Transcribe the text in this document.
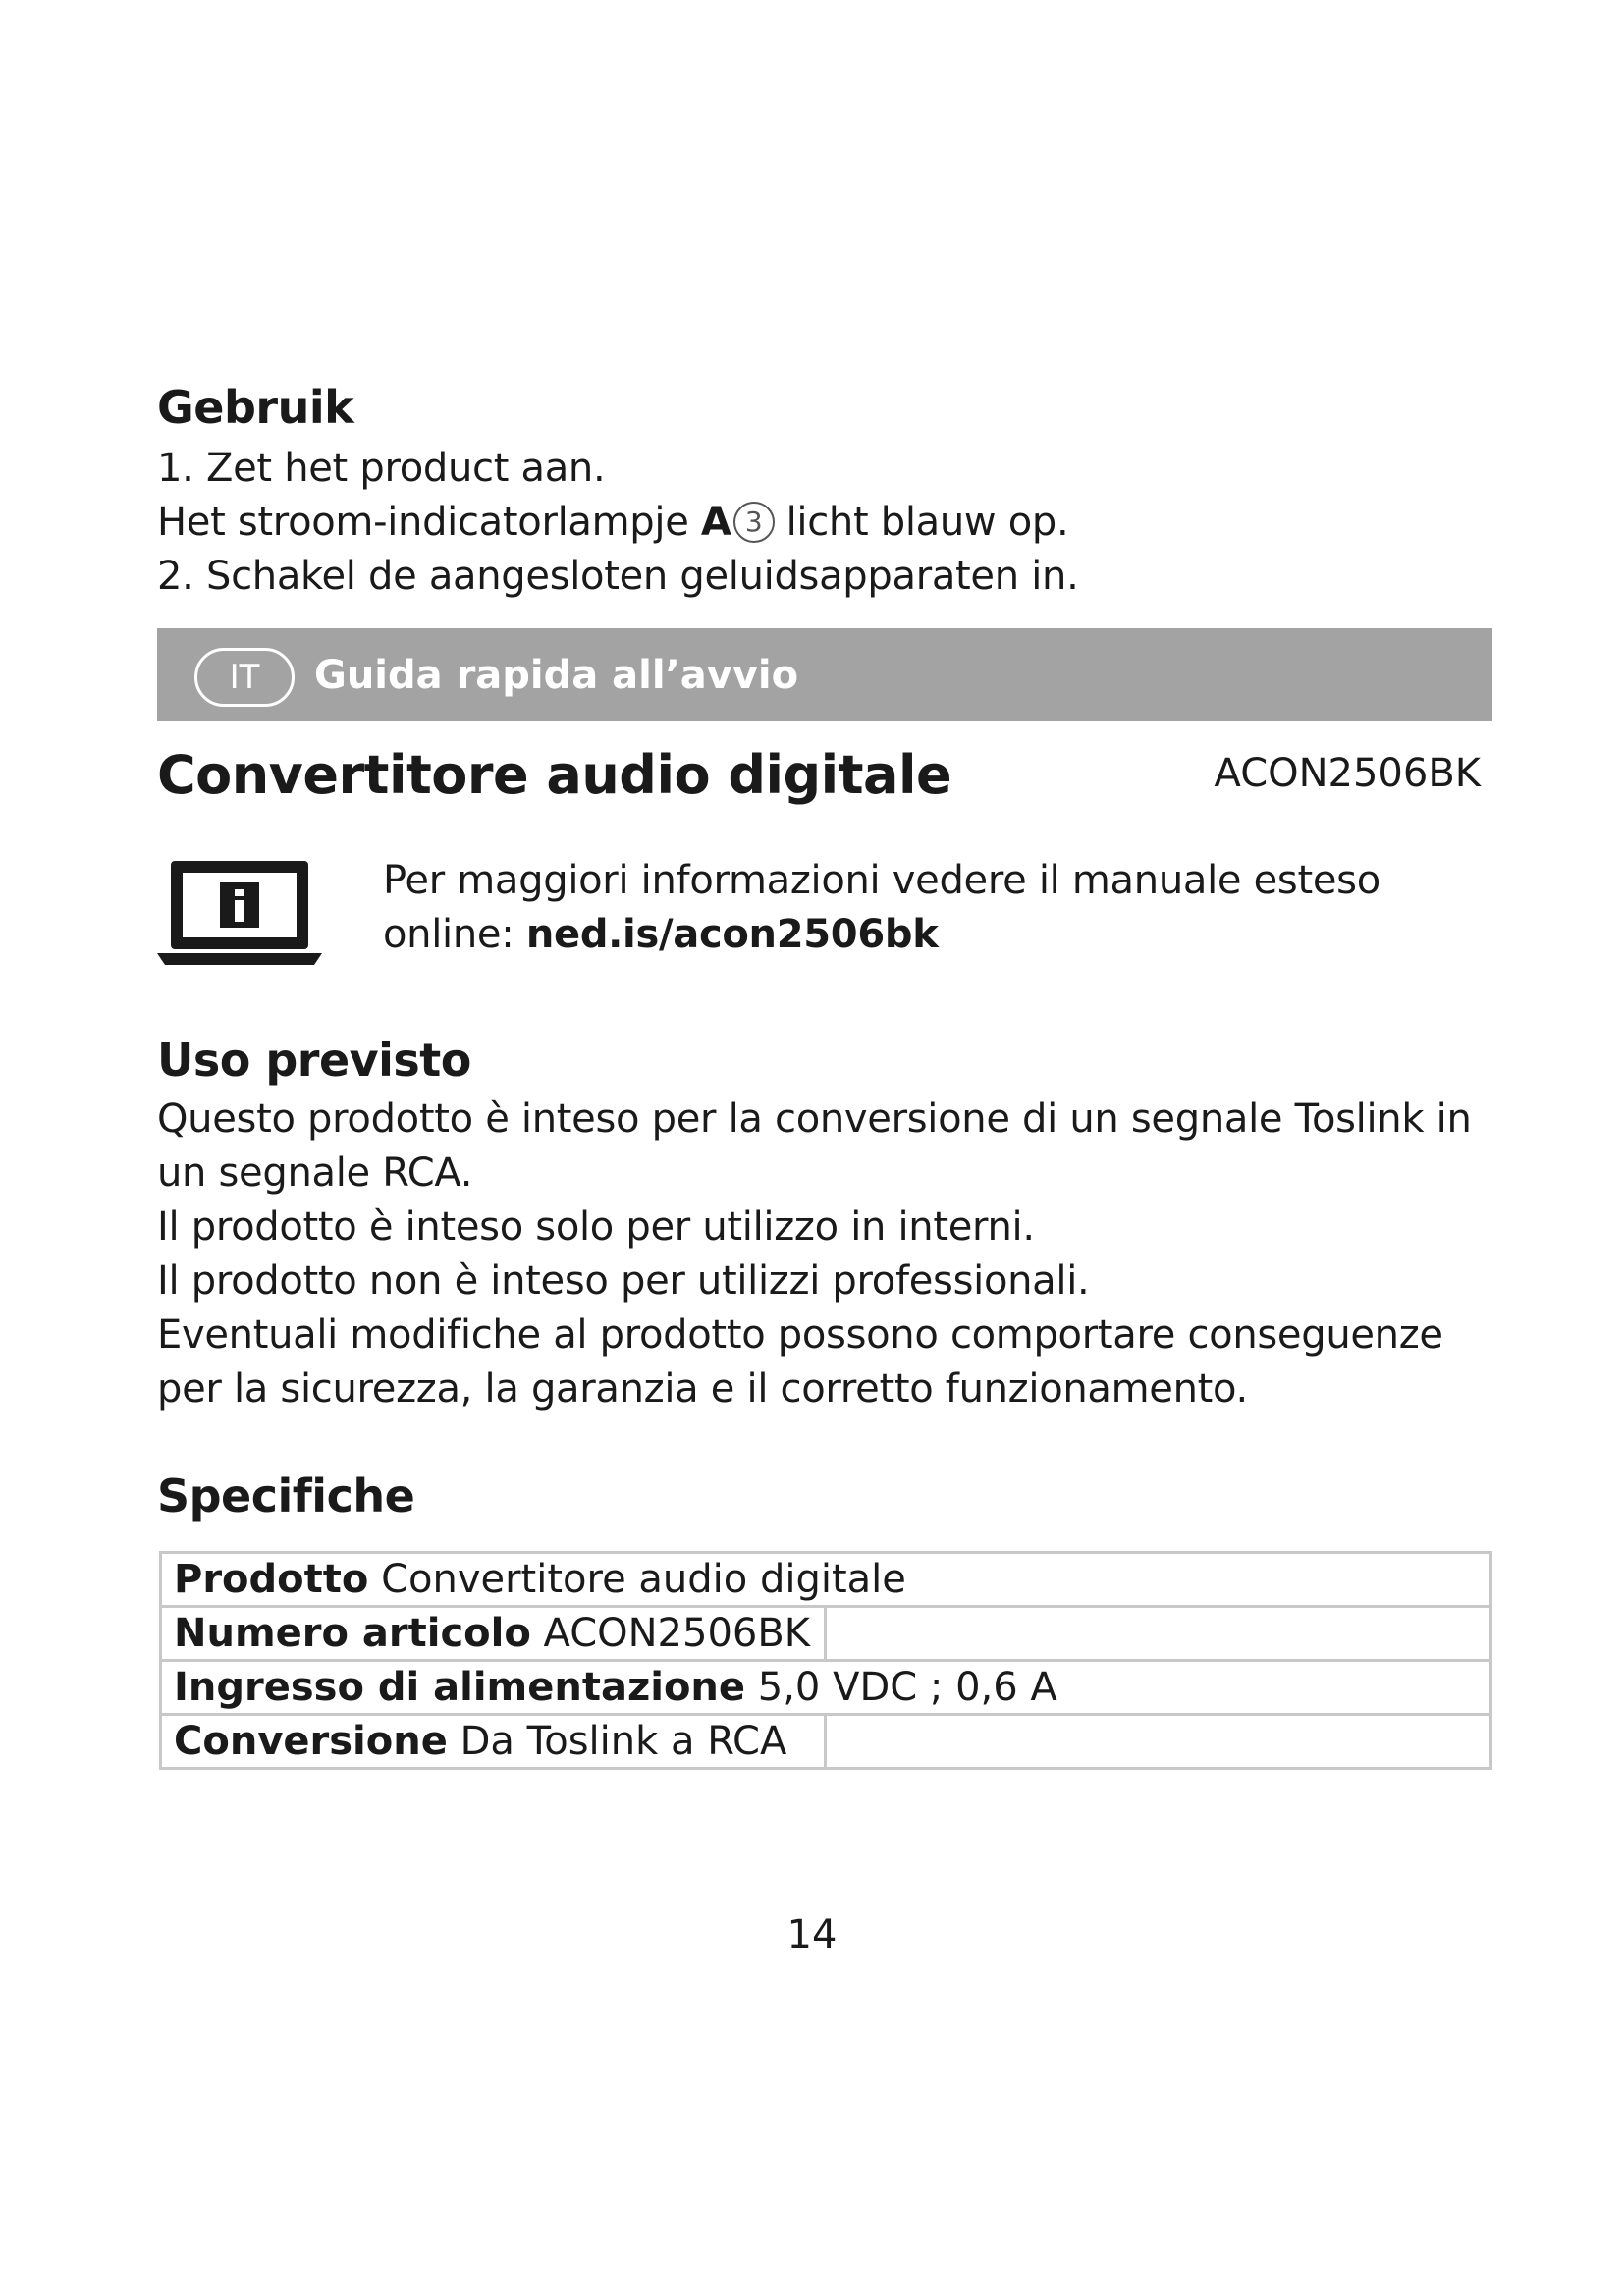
Gebruik
1. Zet het product aan.
Het stroom-indicatorlampje A 3 licht blauw op.
2. Schakel de aangesloten geluidsapparaten in.
IT	Guida rapida all’avvio
Convertitore audio digitale	ACON2506BK
Per maggiori informazioni vedere il manuale esteso
online: ned.is/acon2506bk
Uso previsto
Questo prodotto è inteso per la conversione di un segnale Toslink in
un segnale RCA.
Il prodotto è inteso solo per utilizzo in interni.
Il prodotto non è inteso per utilizzi professionali.
Eventuali modifiche al prodotto possono comportare conseguenze
per la sicurezza, la garanzia e il corretto funzionamento.
Specifiche
Prodotto Convertitore audio digitale	
Numero articolo ACON2506BK	
Ingresso di alimentazione 5,0 VDC ; 0,6 A	
Conversione Da Toslink a RCA	
14
